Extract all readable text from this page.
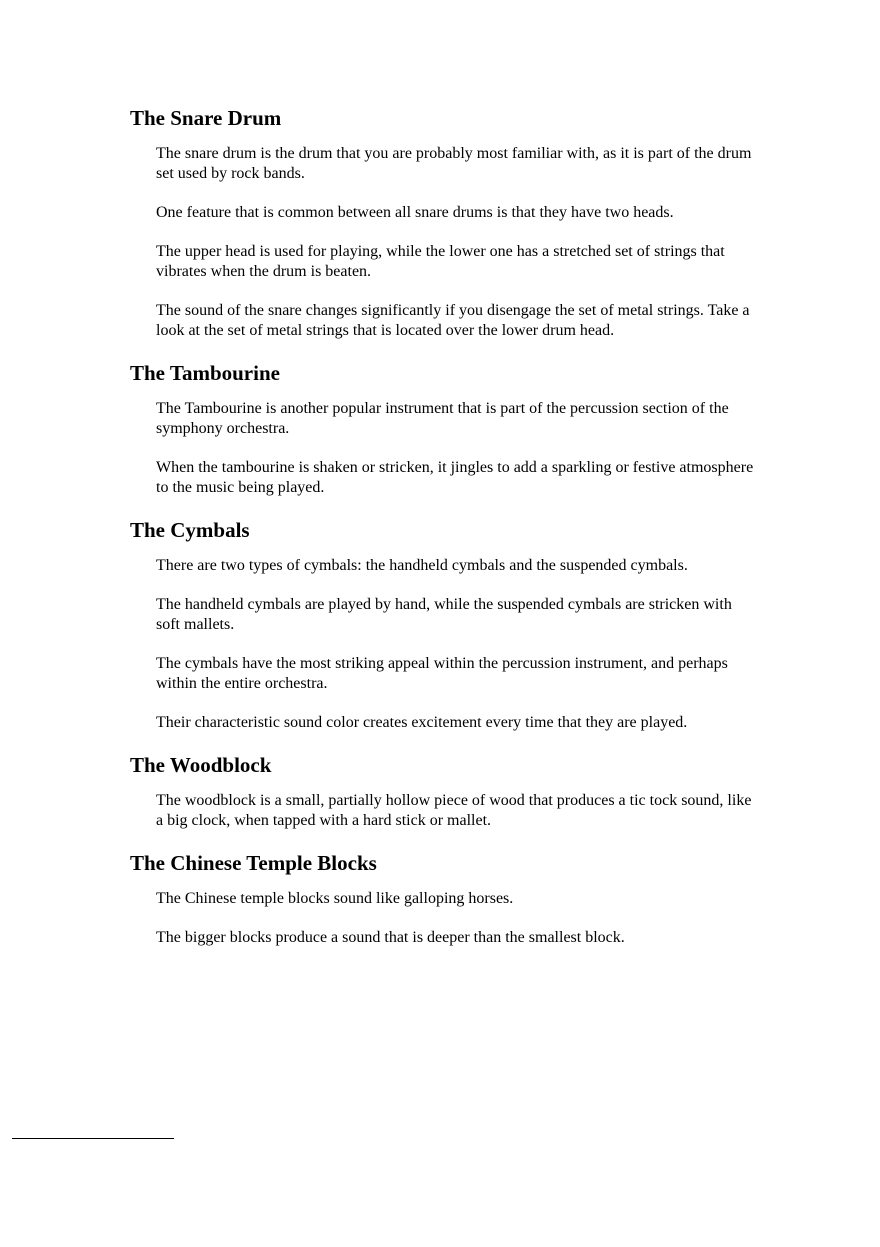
The Snare Drum

The snare drum is the drum that you are probably most familiar with, as it is part of the drum set used by rock bands.

One feature that is common between all snare drums is that they have two heads.

The upper head is used for playing, while the lower one has a stretched set of strings that vibrates when the drum is beaten.

The sound of the snare changes significantly if you disengage the set of metal strings. Take a look at the set of metal strings that is located over the lower drum head.

The Tambourine

The Tambourine is another popular instrument that is part of the percussion section of the symphony orchestra.

When the tambourine is shaken or stricken, it jingles to add a sparkling or festive atmosphere to the music being played.

The Cymbals

There are two types of cymbals: the handheld cymbals and the suspended cymbals.

The handheld cymbals are played by hand, while the suspended cymbals are stricken with soft mallets.

The cymbals have the most striking appeal within the percussion instrument, and perhaps within the entire orchestra.

Their characteristic sound color creates excitement every time that they are played.

The Woodblock

The woodblock is a small, partially hollow piece of wood that produces a tic tock sound, like a big clock, when tapped with a hard stick or mallet.

The Chinese Temple Blocks

The Chinese temple blocks sound like galloping horses.

The bigger blocks produce a sound that is deeper than the smallest block.
